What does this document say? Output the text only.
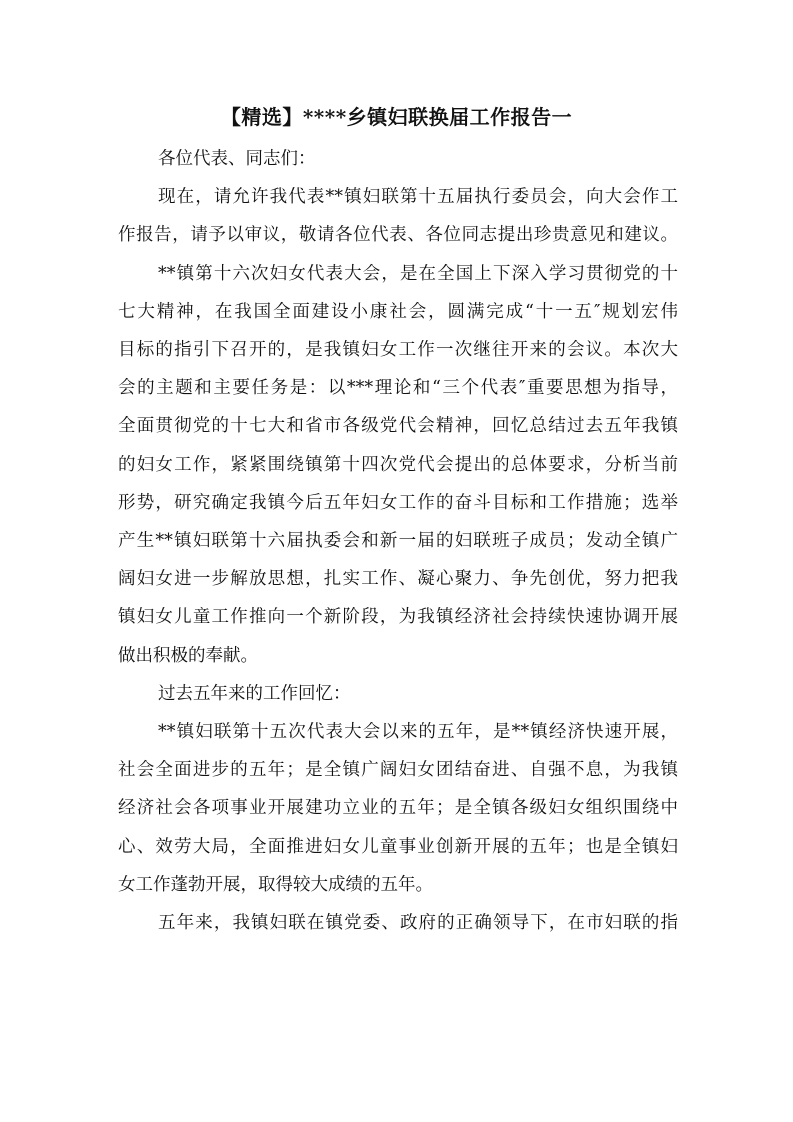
【精选】****乡镇妇联换届工作报告一
各位代表、同志们：
现在，请允许我代表**镇妇联第十五届执行委员会，向大会作工
作报告，请予以审议，敬请各位代表、各位同志提出珍贵意见和建议。
**镇第十六次妇女代表大会，是在全国上下深入学习贯彻党的十
七大精神，在我国全面建设小康社会，圆满完成“十一五″规划宏伟
目标的指引下召开的，是我镇妇女工作一次继往开来的会议。本次大
会的主题和主要任务是：以***理论和“三个代表″重要思想为指导，
全面贯彻党的十七大和省市各级党代会精神，回忆总结过去五年我镇
的妇女工作，紧紧围绕镇第十四次党代会提出的总体要求，分析当前
形势，研究确定我镇今后五年妇女工作的奋斗目标和工作措施；选举
产生**镇妇联第十六届执委会和新一届的妇联班子成员；发动全镇广
阔妇女进一步解放思想，扎实工作、凝心聚力、争先创优，努力把我
镇妇女儿童工作推向一个新阶段，为我镇经济社会持续快速协调开展
做出积极的奉献。
过去五年来的工作回忆：
**镇妇联第十五次代表大会以来的五年，是**镇经济快速开展，
社会全面进步的五年；是全镇广阔妇女团结奋进、自强不息，为我镇
经济社会各项事业开展建功立业的五年；是全镇各级妇女组织围绕中
心、效劳大局，全面推进妇女儿童事业创新开展的五年；也是全镇妇
女工作蓬勃开展，取得较大成绩的五年。
五年来，我镇妇联在镇党委、政府的正确领导下，在市妇联的指
